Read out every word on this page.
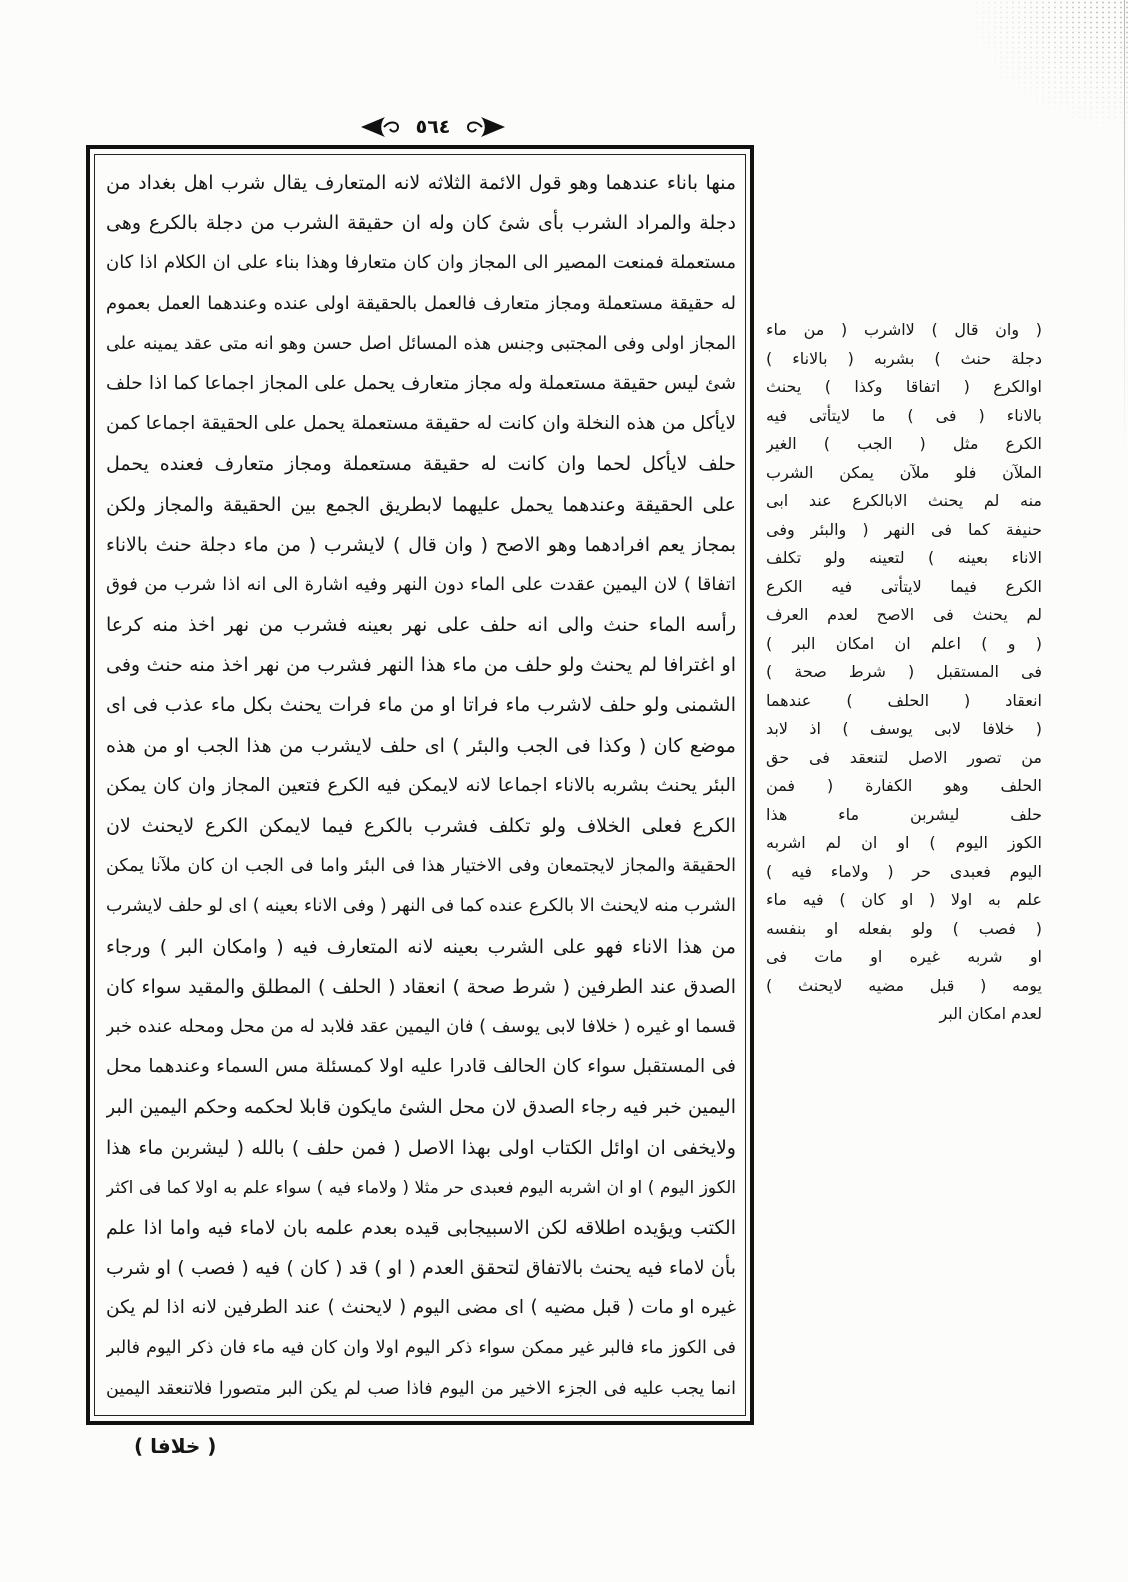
٥٦٤
منها باناء عندهما وهو قول الائمة الثلاثه لانه المتعارف يقال شرب اهل بغداد من
دجلة والمراد الشرب بأى شئ كان وله ان حقيقة الشرب من دجلة بالكرع وهى
مستعملة فمنعت المصير الى المجاز وان كان متعارفا وهذا بناء على ان الكلام اذا كان
له حقيقة مستعملة ومجاز متعارف فالعمل بالحقيقة اولى عنده وعندهما العمل بعموم
المجاز اولى وفى المجتبى وجنس هذه المسائل اصل حسن وهو انه متى عقد يمينه على
شئ ليس حقيقة مستعملة وله مجاز متعارف يحمل على المجاز اجماعا كما اذا حلف
لايأكل من هذه النخلة وان كانت له حقيقة مستعملة يحمل على الحقيقة اجماعا كمن
حلف لايأكل لحما وان كانت له حقيقة مستعملة ومجاز متعارف فعنده يحمل
على الحقيقة وعندهما يحمل عليهما لابطريق الجمع بين الحقيقة والمجاز ولكن
بمجاز يعم افرادهما وهو الاصح ( وان قال ) لايشرب ( من ماء دجلة حنث بالاناء
اتفاقا ) لان اليمين عقدت على الماء دون النهر وفيه اشارة الى انه اذا شرب من فوق
رأسه الماء حنث والى انه حلف على نهر بعينه فشرب من نهر اخذ منه كرعا
او اغترافا لم يحنث ولو حلف من ماء هذا النهر فشرب من نهر اخذ منه حنث وفى
الشمنى ولو حلف لاشرب ماء فراتا او من ماء فرات يحنث بكل ماء عذب فى اى
موضع كان ( وكذا فى الجب والبئر ) اى حلف لايشرب من هذا الجب او من هذه
البئر يحنث بشربه بالاناء اجماعا لانه لايمكن فيه الكرع فتعين المجاز وان كان يمكن
الكرع فعلى الخلاف ولو تكلف فشرب بالكرع فيما لايمكن الكرع لايحنث لان
الحقيقة والمجاز لايجتمعان وفى الاختيار هذا فى البئر واما فى الجب ان كان ملآنا يمكن
الشرب منه لايحنث الا بالكرع عنده كما فى النهر ( وفى الاناء بعينه ) اى لو حلف لايشرب
من هذا الاناء فهو على الشرب بعينه لانه المتعارف فيه ( وامكان البر ) ورجاء
الصدق عند الطرفين ( شرط صحة ) انعقاد ( الحلف ) المطلق والمقيد سواء كان
قسما او غيره ( خلافا لابى يوسف ) فان اليمين عقد فلابد له من محل ومحله عنده خبر
فى المستقبل سواء كان الحالف قادرا عليه اولا كمسئلة مس السماء وعندهما محل
اليمين خبر فيه رجاء الصدق لان محل الشئ مايكون قابلا لحكمه وحكم اليمين البر
ولايخفى ان اوائل الكتاب اولى بهذا الاصل ( فمن حلف ) بالله ( ليشربن ماء هذا
الكوز اليوم ) او ان اشربه اليوم فعبدى حر مثلا ( ولاماء فيه ) سواء علم به اولا كما فى اكثر
الكتب ويؤيده اطلاقه لكن الاسبيجابى قيده بعدم علمه بان لاماء فيه واما اذا علم
بأن لاماء فيه يحنث بالاتفاق لتحقق العدم ( او ) قد ( كان ) فيه ( فصب ) او شرب
غيره او مات ( قبل مضيه ) اى مضى اليوم ( لايحنث ) عند الطرفين لانه اذا لم يكن
فى الكوز ماء فالبر غير ممكن سواء ذكر اليوم اولا وان كان فيه ماء فان ذكر اليوم فالبر
انما يجب عليه فى الجزء الاخير من اليوم فاذا صب لم يكن البر متصورا فلاتنعقد اليمين
( وان قال ) لااشرب ( من ماء
دجلة حنث ) بشربه ( بالاناء )
اوالكرع ( اتفاقا وكذا ) يحنث
بالاناء ( فى ) ما لايتأتى فيه
الكرع مثل ( الجب ) الغير
الملآن فلو ملآن يمكن الشرب
منه لم يحنث الابالكرع عند ابى
حنيفة كما فى النهر ( والبئر وفى
الاناء بعينه ) لتعينه ولو تكلف
الكرع فيما لايتأتى فيه الكرع
لم يحنث فى الاصح لعدم العرف
( و ) اعلم ان امكان البر )
فى المستقبل ( شرط صحة )
انعقاد ( الحلف ) عندهما
( خلافا لابى يوسف ) اذ لابد
من تصور الاصل لتنعقد فى حق
الحلف وهو الكفارة ( فمن
حلف ليشربن ماء هذا
الكوز اليوم ) او ان لم اشربه
اليوم فعبدى حر ( ولاماء فيه )
علم به اولا ( او كان ) فيه ماء
( فصب ) ولو بفعله او بنفسه
او شربه غيره او مات فى
يومه ( قبل مضيه لايحنث )
لعدم امكان البر
( خلافا )
